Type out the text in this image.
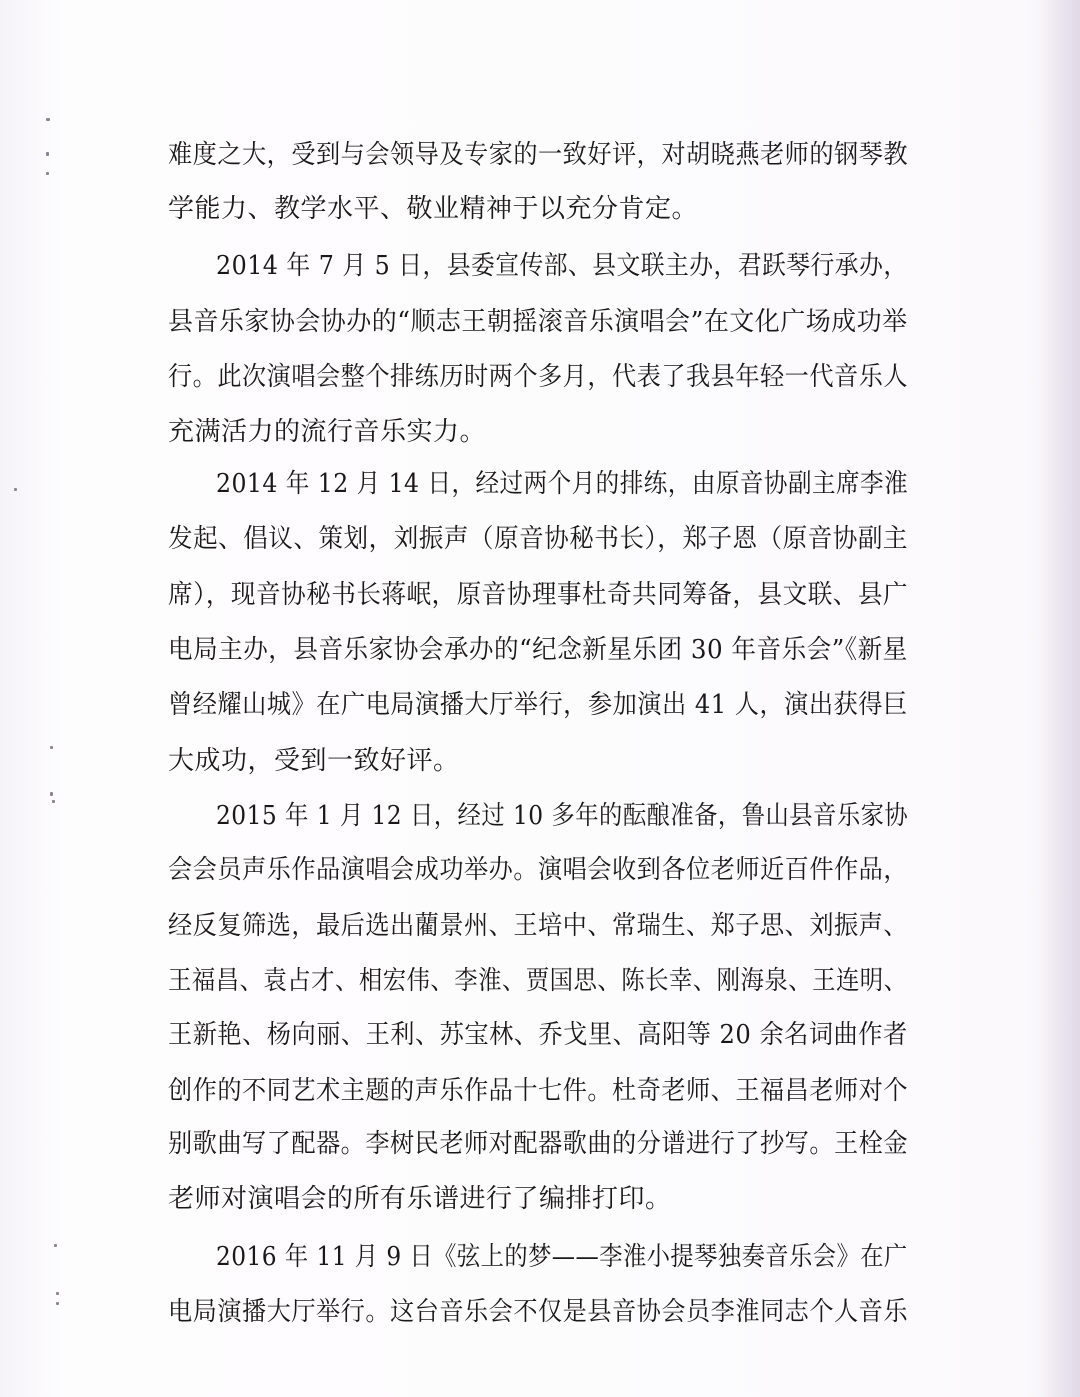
难度之大，受到与会领导及专家的一致好评，对胡晓燕老师的钢琴教
学能力、教学水平、敬业精神于以充分肯定。
2014 年 7 月 5 日，县委宣传部、县文联主办，君跃琴行承办，
县音乐家协会协办的“顺志王朝摇滚音乐演唱会”在文化广场成功举
行。此次演唱会整个排练历时两个多月，代表了我县年轻一代音乐人
充满活力的流行音乐实力。
2014 年 12 月 14 日，经过两个月的排练，由原音协副主席李淮
发起、倡议、策划，刘振声（原音协秘书长），郑子恩（原音协副主
席），现音协秘书长蒋岷，原音协理事杜奇共同筹备，县文联、县广
电局主办，县音乐家协会承办的“纪念新星乐团 30 年音乐会”《新星
曾经耀山城》在广电局演播大厅举行，参加演出 41 人，演出获得巨
大成功，受到一致好评。
2015 年 1 月 12 日，经过 10 多年的酝酿准备，鲁山县音乐家协
会会员声乐作品演唱会成功举办。演唱会收到各位老师近百件作品，
经反复筛选，最后选出藺景州、王培中、常瑞生、郑子思、刘振声、
王福昌、袁占才、相宏伟、李淮、贾国思、陈长幸、刚海泉、王连明、
王新艳、杨向丽、王利、苏宝林、乔戈里、高阳等 20 余名词曲作者
创作的不同艺术主题的声乐作品十七件。杜奇老师、王福昌老师对个
别歌曲写了配器。李树民老师对配器歌曲的分谱进行了抄写。王栓金
老师对演唱会的所有乐谱进行了编排打印。
2016 年 11 月 9 日《弦上的梦——李淮小提琴独奏音乐会》在广
电局演播大厅举行。这台音乐会不仅是县音协会员李淮同志个人音乐
